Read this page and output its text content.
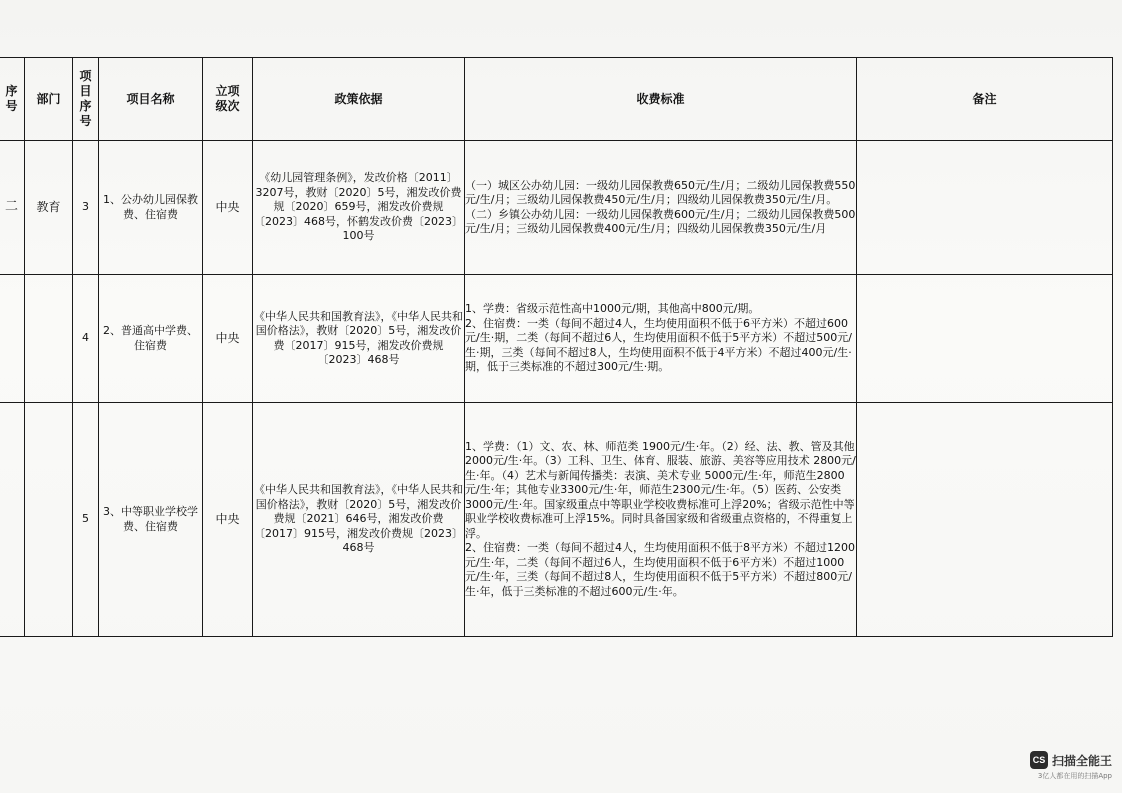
序号	部门	项目序号	项目名称	立项级次	政策依据	收费标准	备注
二	教育	3	1、公办幼儿园保教费、住宿费	中央	《幼儿园管理条例》，发改价格〔2011〕3207号，教财〔2020〕5号，湘发改价费规〔2020〕659号，湘发改价费规〔2023〕468号，怀鹤发改价费〔2023〕100号	（一）城区公办幼儿园：一级幼儿园保教费650元/生/月；二级幼儿园保教费550元/生/月；三级幼儿园保教费450元/生/月；四级幼儿园保教费350元/生/月。（二）乡镇公办幼儿园：一级幼儿园保教费600元/生/月；二级幼儿园保教费500元/生/月；三级幼儿园保教费400元/生/月；四级幼儿园保教费350元/生/月	

		4	2、普通高中学费、住宿费	中央	《中华人民共和国教育法》，《中华人民共和国价格法》，教财〔2020〕5号，湘发改价费〔2017〕915号，湘发改价费规〔2023〕468号	1、学费：省级示范性高中1000元/期，其他高中800元/期。
2、住宿费：一类（每间不超过4人，生均使用面积不低于6平方米）不超过600元/生·期，二类（每间不超过6人，生均使用面积不低于5平方米）不超过500元/生·期，三类（每间不超过8人，生均使用面积不低于4平方米）不超过400元/生·期，低于三类标准的不超过300元/生·期。	

		5	3、中等职业学校学费、住宿费	中央	《中华人民共和国教育法》，《中华人民共和国价格法》，教财〔2020〕5号，湘发改价费规〔2021〕646号，湘发改价费〔2017〕915号，湘发改价费规〔2023〕468号	1、学费：（1）文、农、林、师范类 1900元/生·年。（2）经、法、教、管及其他 2000元/生·年。（3）工科、卫生、体育、服装、旅游、美容等应用技术 2800元/生·年。（4）艺术与新闻传播类：表演、美术专业 5000元/生·年，师范生2800元/生·年；其他专业3300元/生·年，师范生2300元/生·年。（5）医药、公安类 3000元/生·年。国家级重点中等职业学校收费标准可上浮20%；省级示范性中等职业学校收费标准可上浮15%。同时具备国家级和省级重点资格的，不得重复上浮。
2、住宿费：一类（每间不超过4人，生均使用面积不低于8平方米）不超过1200元/生·年，二类（每间不超过6人，生均使用面积不低于6平方米）不超过1000元/生·年，三类（每间不超过8人，生均使用面积不低于5平方米）不超过800元/生·年，低于三类标准的不超过600元/生·年。	

CS 扫描全能王
3亿人都在用的扫描App
